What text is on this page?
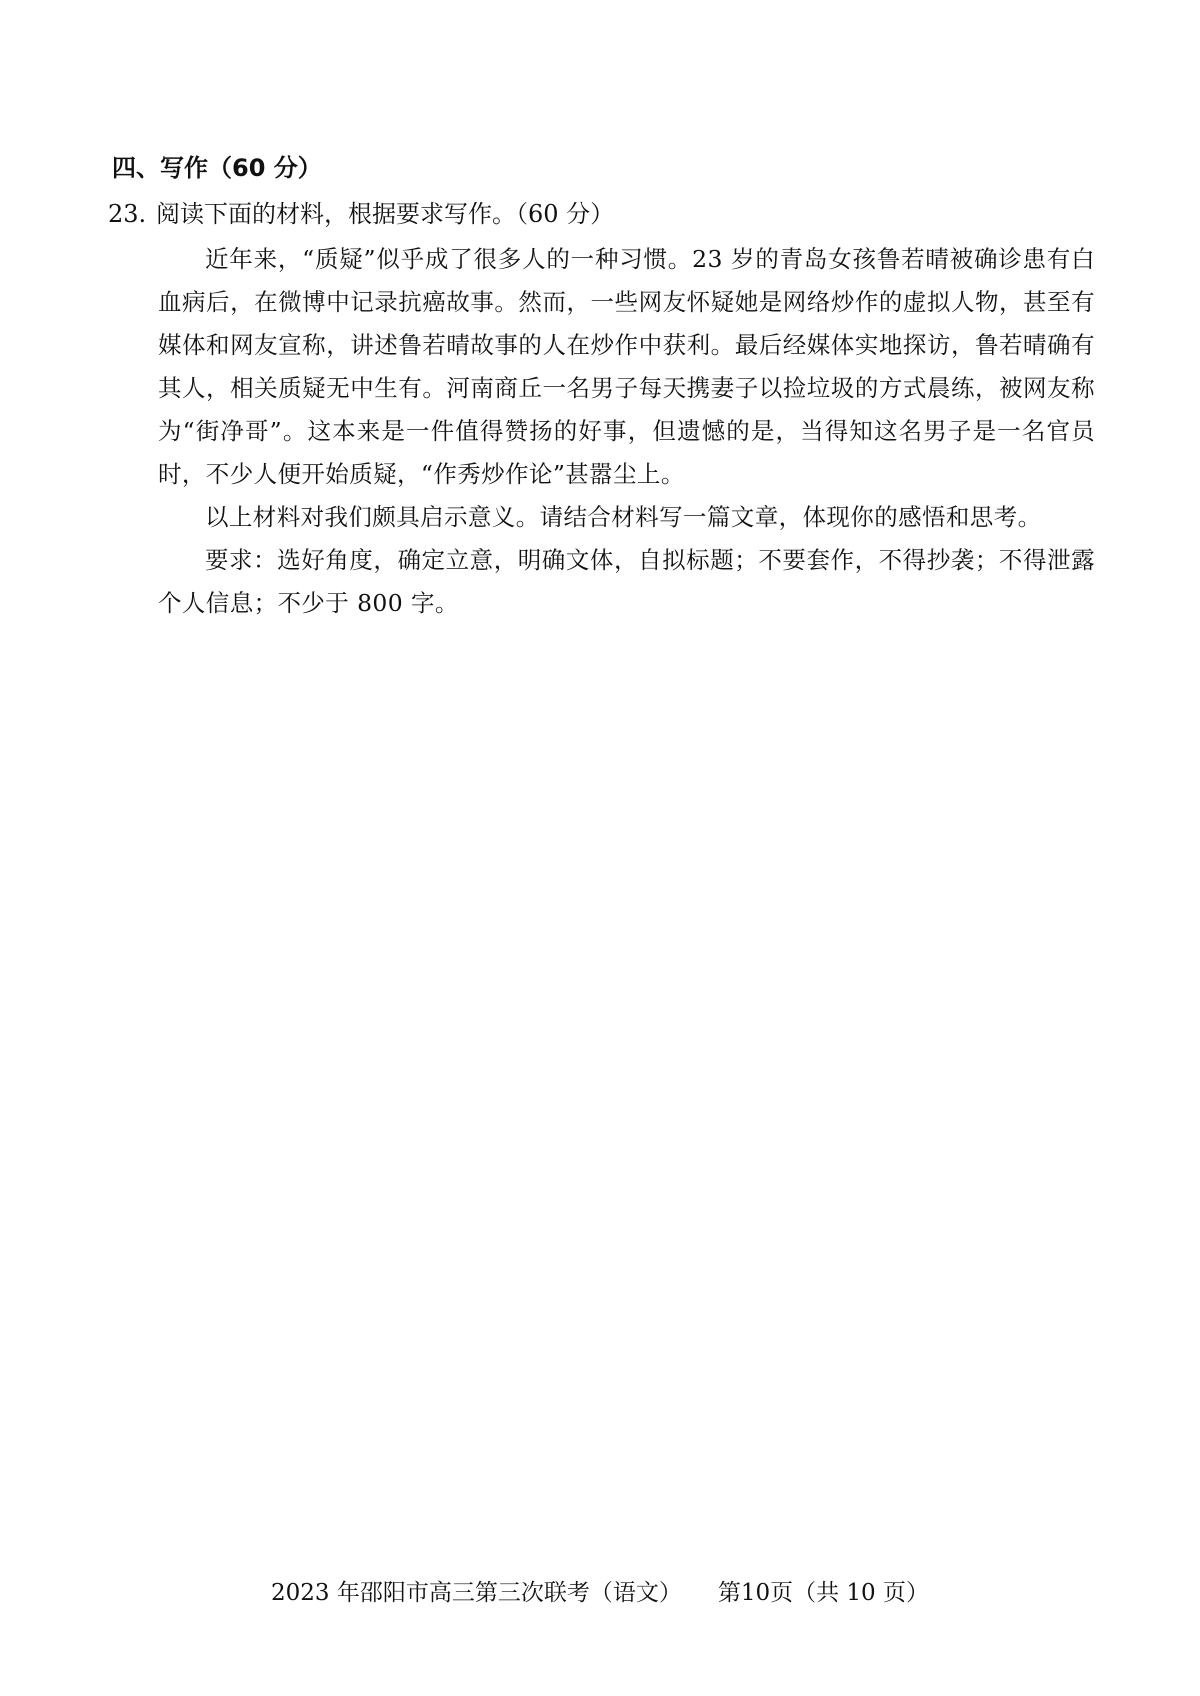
四、写作（60 分）
23. 阅读下面的材料，根据要求写作。（60 分）

近年来，“质疑”似乎成了很多人的一种习惯。23 岁的青岛女孩鲁若晴被确诊患有白血病后，在微博中记录抗癌故事。然而，一些网友怀疑她是网络炒作的虚拟人物，甚至有媒体和网友宣称，讲述鲁若晴故事的人在炒作中获利。最后经媒体实地探访，鲁若晴确有其人，相关质疑无中生有。河南商丘一名男子每天携妻子以捡垃圾的方式晨练，被网友称为“街净哥”。这本来是一件值得赞扬的好事，但遗憾的是，当得知这名男子是一名官员时，不少人便开始质疑，“作秀炒作论”甚嚣尘上。

以上材料对我们颇具启示意义。请结合材料写一篇文章，体现你的感悟和思考。

要求：选好角度，确定立意，明确文体，自拟标题；不要套作，不得抄袭；不得泄露个人信息；不少于 800 字。

2023 年邵阳市高三第三次联考（语文） 第10页（共 10 页）
